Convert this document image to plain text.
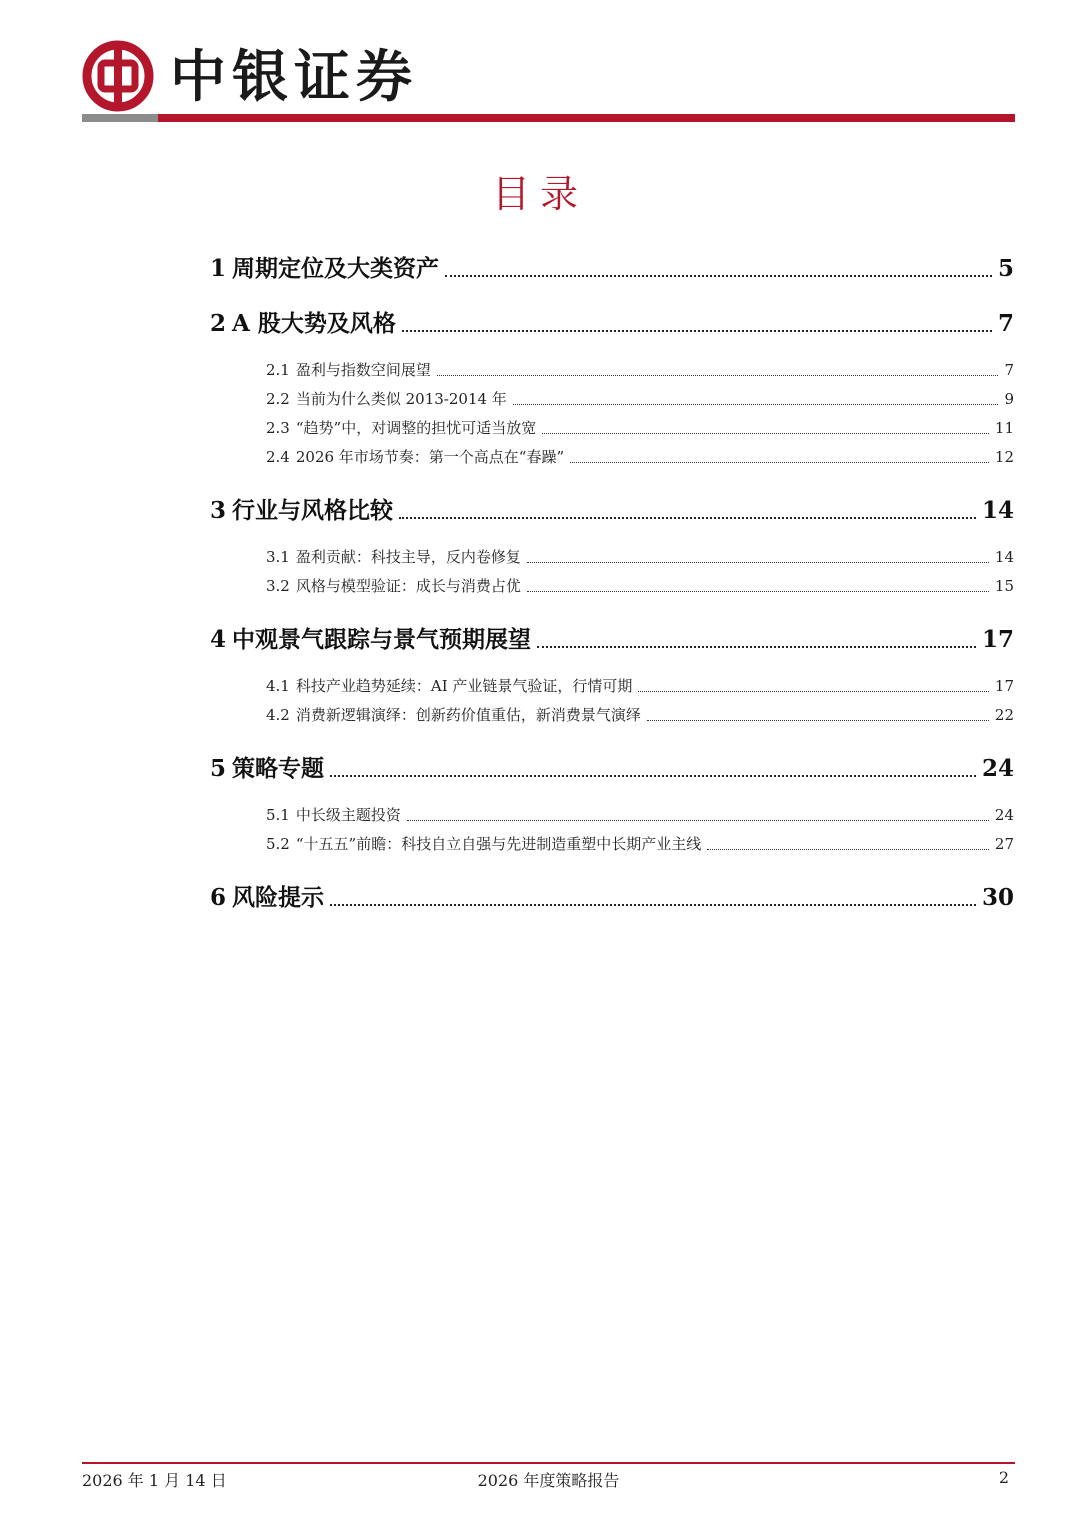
中银证券
目录
1 周期定位及大类资产	5
2 A 股大势及风格	7
2.1 盈利与指数空间展望	7
2.2 当前为什么类似 2013-2014 年	9
2.3 “趋势”中，对调整的担忧可适当放宽	11
2.4 2026 年市场节奏：第一个高点在“春躁”	12
3 行业与风格比较	14
3.1 盈利贡献：科技主导，反内卷修复	14
3.2 风格与模型验证：成长与消费占优	15
4 中观景气跟踪与景气预期展望	17
4.1 科技产业趋势延续：AI 产业链景气验证，行情可期	17
4.2 消费新逻辑演绎：创新药价值重估，新消费景气演绎	22
5 策略专题	24
5.1 中长级主题投资	24
5.2 “十五五”前瞻：科技自立自强与先进制造重塑中长期产业主线	27
6 风险提示	30
2026 年 1 月 14 日	2026 年度策略报告	2
